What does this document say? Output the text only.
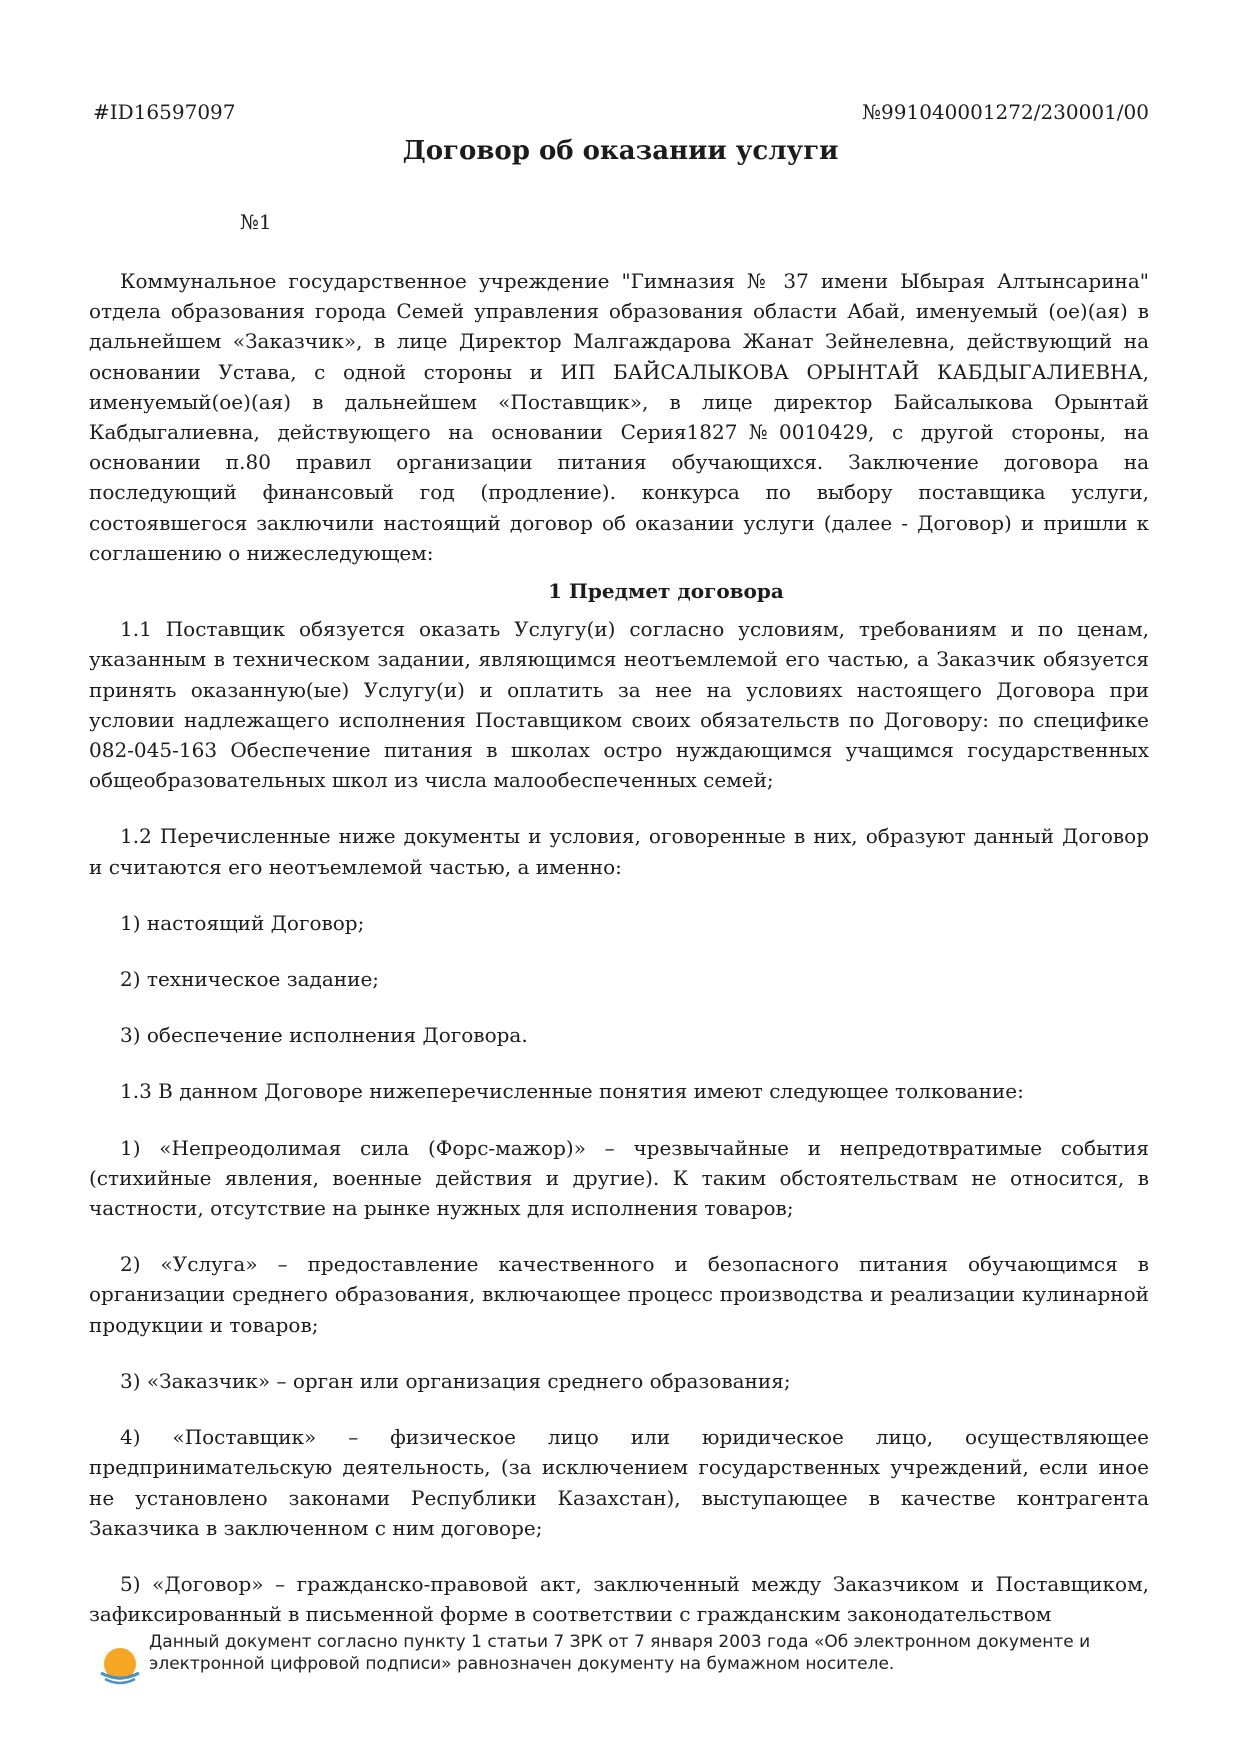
#ID16597097	№991040001272/230001/00
Договор об оказании услуги
№1

Коммунальное государственное учреждение "Гимназия № 37 имени Ыбырая Алтынсарина" отдела образования города Семей управления образования области Абай, именуемый (ое)(ая) в дальнейшем «Заказчик», в лице Директор Малгаждарова Жанат Зейнелевна, действующий на основании Устава, с одной стороны и ИП БАЙСАЛЫКОВА ОРЫНТАЙ КАБДЫГАЛИЕВНА, именуемый(ое)(ая) в дальнейшем «Поставщик», в лице директор Байсалыкова Орынтай Кабдыгалиевна, действующего на основании Серия1827№0010429, с другой стороны, на основании п.80 правил организации питания обучающихся. Заключение договора на последующий финансовый год (продление). конкурса по выбору поставщика услуги, состоявшегося заключили настоящий договор об оказании услуги (далее - Договор) и пришли к соглашению о нижеследующем:

1 Предмет договора

1.1 Поставщик обязуется оказать Услугу(и) согласно условиям, требованиям и по ценам, указанным в техническом задании, являющимся неотъемлемой его частью, а Заказчик обязуется принять оказанную(ые) Услугу(и) и оплатить за нее на условиях настоящего Договора при условии надлежащего исполнения Поставщиком своих обязательств по Договору: по специфике 082-045-163 Обеспечение питания в школах остро нуждающимся учащимся государственных общеобразовательных школ из числа малообеспеченных семей;

1.2 Перечисленные ниже документы и условия, оговоренные в них, образуют данный Договор и считаются его неотъемлемой частью, а именно:

1) настоящий Договор;

2) техническое задание;

3) обеспечение исполнения Договора.

1.3 В данном Договоре нижеперечисленные понятия имеют следующее толкование:

1) «Непреодолимая сила (Форс-мажор)» – чрезвычайные и непредотвратимые события (стихийные явления, военные действия и другие). К таким обстоятельствам не относится, в частности, отсутствие на рынке нужных для исполнения товаров;

2) «Услуга» – предоставление качественного и безопасного питания обучающимся в организации среднего образования, включающее процесс производства и реализации кулинарной продукции и товаров;

3) «Заказчик» – орган или организация среднего образования;

4) «Поставщик» – физическое лицо или юридическое лицо, осуществляющее предпринимательскую деятельность, (за исключением государственных учреждений, если иное не установлено законами Республики Казахстан), выступающее в качестве контрагента Заказчика в заключенном с ним договоре;

5) «Договор» – гражданско-правовой акт, заключенный между Заказчиком и Поставщиком, зафиксированный в письменной форме в соответствии с гражданским законодательством

Данный документ согласно пункту 1 статьи 7 ЗРК от 7 января 2003 года «Об электронном документе и электронной цифровой подписи» равнозначен документу на бумажном носителе.
